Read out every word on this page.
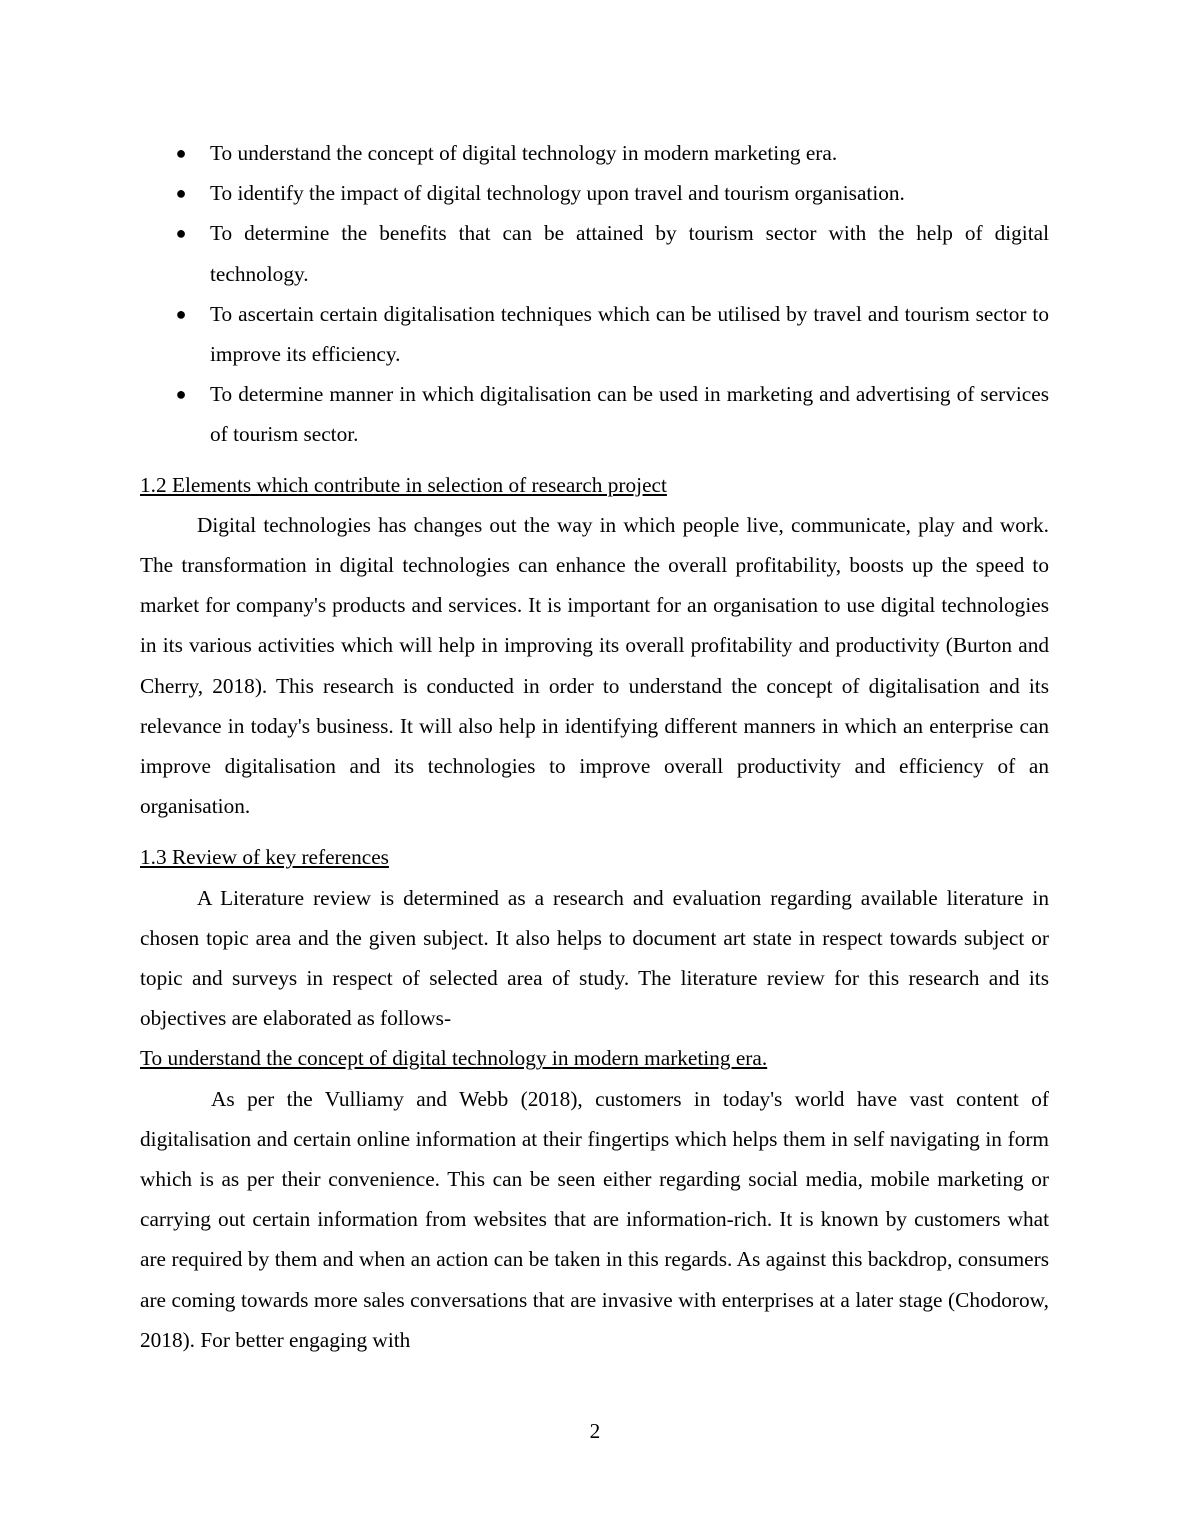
● To understand the concept of digital technology in modern marketing era.
● To identify the impact of digital technology upon travel and tourism organisation.
● To determine the benefits that can be attained by tourism sector with the help of digital technology.
● To ascertain certain digitalisation techniques which can be utilised by travel and tourism sector to improve its efficiency.
● To determine manner in which digitalisation can be used in marketing and advertising of services of tourism sector.
1.2 Elements which contribute in selection of research project

Digital technologies has changes out the way in which people live, communicate, play and work. The transformation in digital technologies can enhance the overall profitability, boosts up the speed to market for company's products and services. It is important for an organisation to use digital technologies in its various activities which will help in improving its overall profitability and productivity (Burton and Cherry, 2018). This research is conducted in order to understand the concept of digitalisation and its relevance in today's business. It will also help in identifying different manners in which an enterprise can improve digitalisation and its technologies to improve overall productivity and efficiency of an organisation.

1.3 Review of key references

A Literature review is determined as a research and evaluation regarding available literature in chosen topic area and the given subject. It also helps to document art state in respect towards subject or topic and surveys in respect of selected area of study. The literature review for this research and its objectives are elaborated as follows-

To understand the concept of digital technology in modern marketing era.

As per the Vulliamy and Webb (2018), customers in today's world have vast content of digitalisation and certain online information at their fingertips which helps them in self navigating in form which is as per their convenience. This can be seen either regarding social media, mobile marketing or carrying out certain information from websites that are information-rich. It is known by customers what are required by them and when an action can be taken in this regards. As against this backdrop, consumers are coming towards more sales conversations that are invasive with enterprises at a later stage (Chodorow, 2018). For better engaging with

2
